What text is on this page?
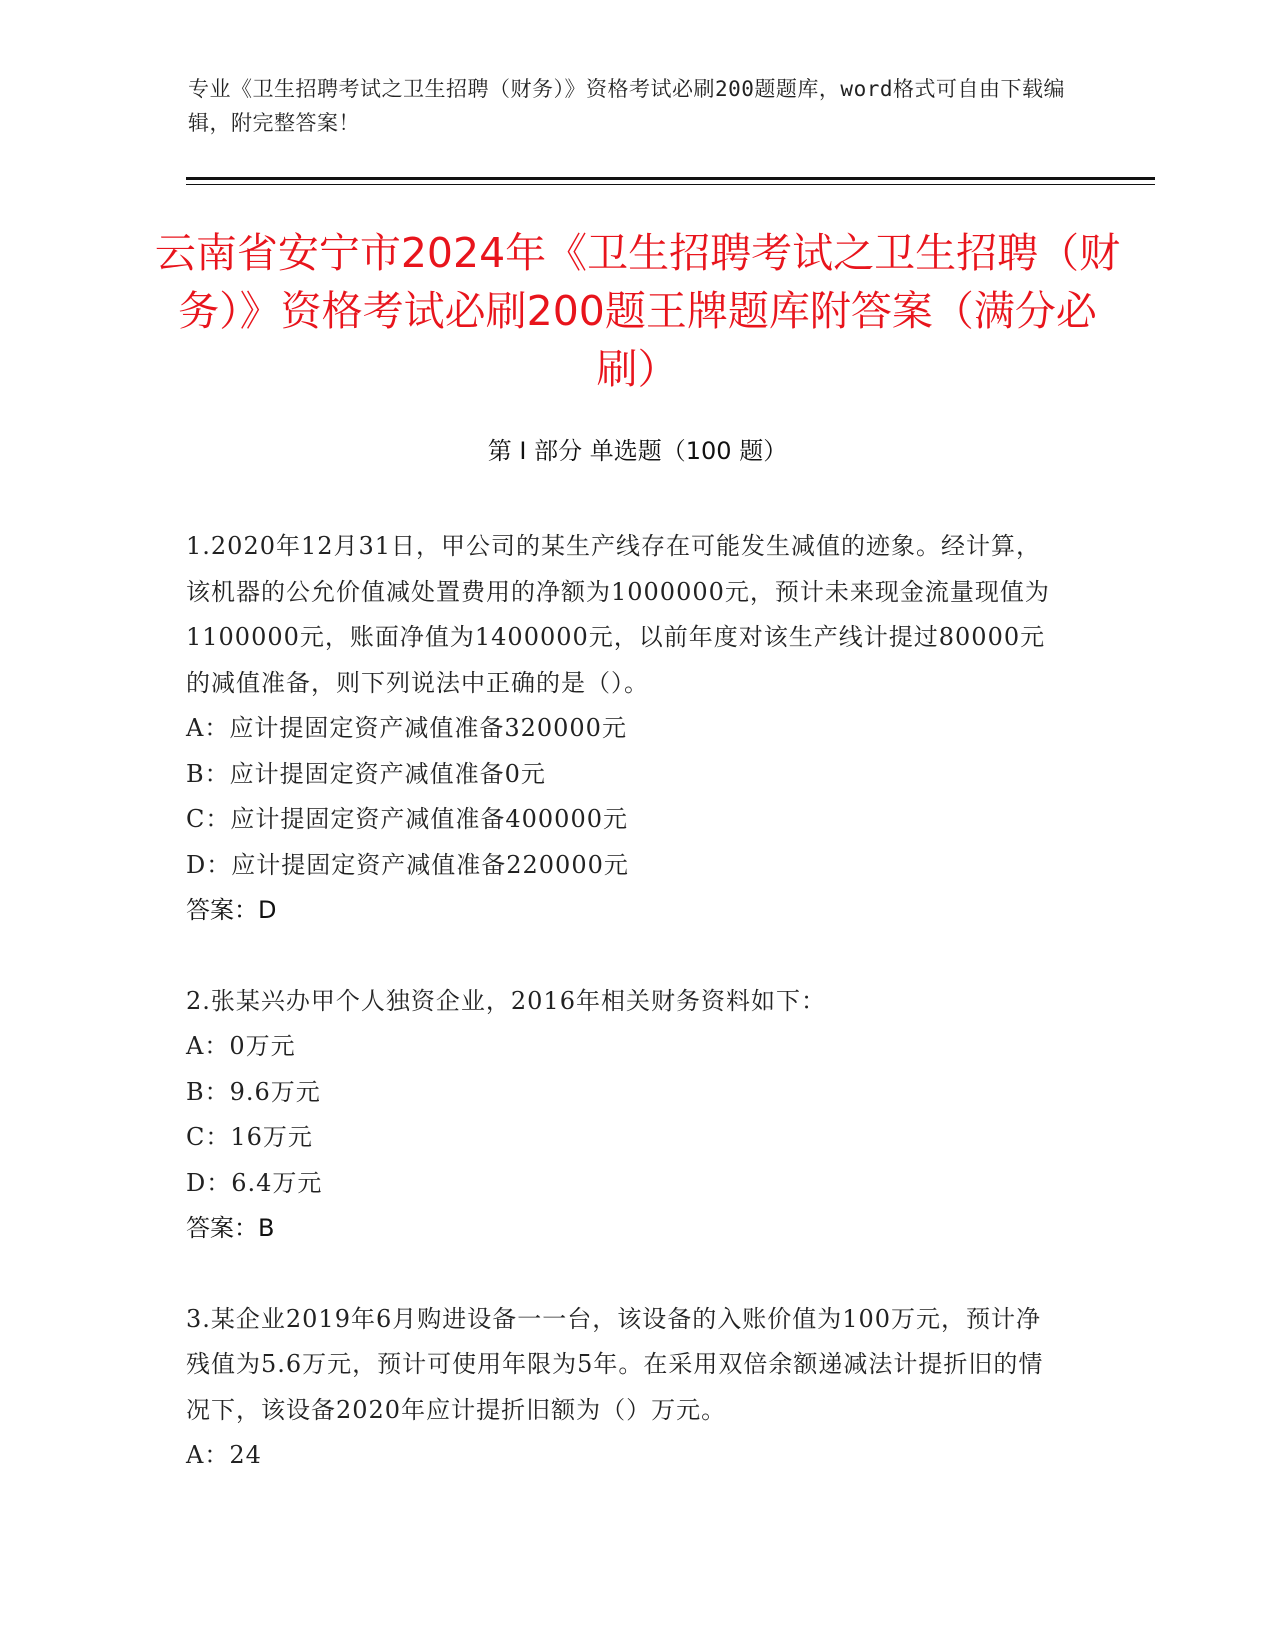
专业《卫生招聘考试之卫生招聘（财务）》资格考试必刷200题题库，word格式可自由下载编辑，附完整答案！
云南省安宁市2024年《卫生招聘考试之卫生招聘（财务）》资格考试必刷200题王牌题库附答案（满分必刷）
第 I 部分 单选题（100 题）
1.2020年12月31日，甲公司的某生产线存在可能发生减值的迹象。经计算，该机器的公允价值减处置费用的净额为1000000元，预计未来现金流量现值为1100000元，账面净值为1400000元，以前年度对该生产线计提过80000元的减值准备，则下列说法中正确的是（）。
A：应计提固定资产减值准备320000元
B：应计提固定资产减值准备0元
C：应计提固定资产减值准备400000元
D：应计提固定资产减值准备220000元
答案：D
2.张某兴办甲个人独资企业，2016年相关财务资料如下：
A：0万元
B：9.6万元
C：16万元
D：6.4万元
答案：B
3.某企业2019年6月购进设备一一台，该设备的入账价值为100万元，预计净残值为5.6万元，预计可使用年限为5年。在采用双倍余额递减法计提折旧的情况下，该设备2020年应计提折旧额为（）万元。
A：24
